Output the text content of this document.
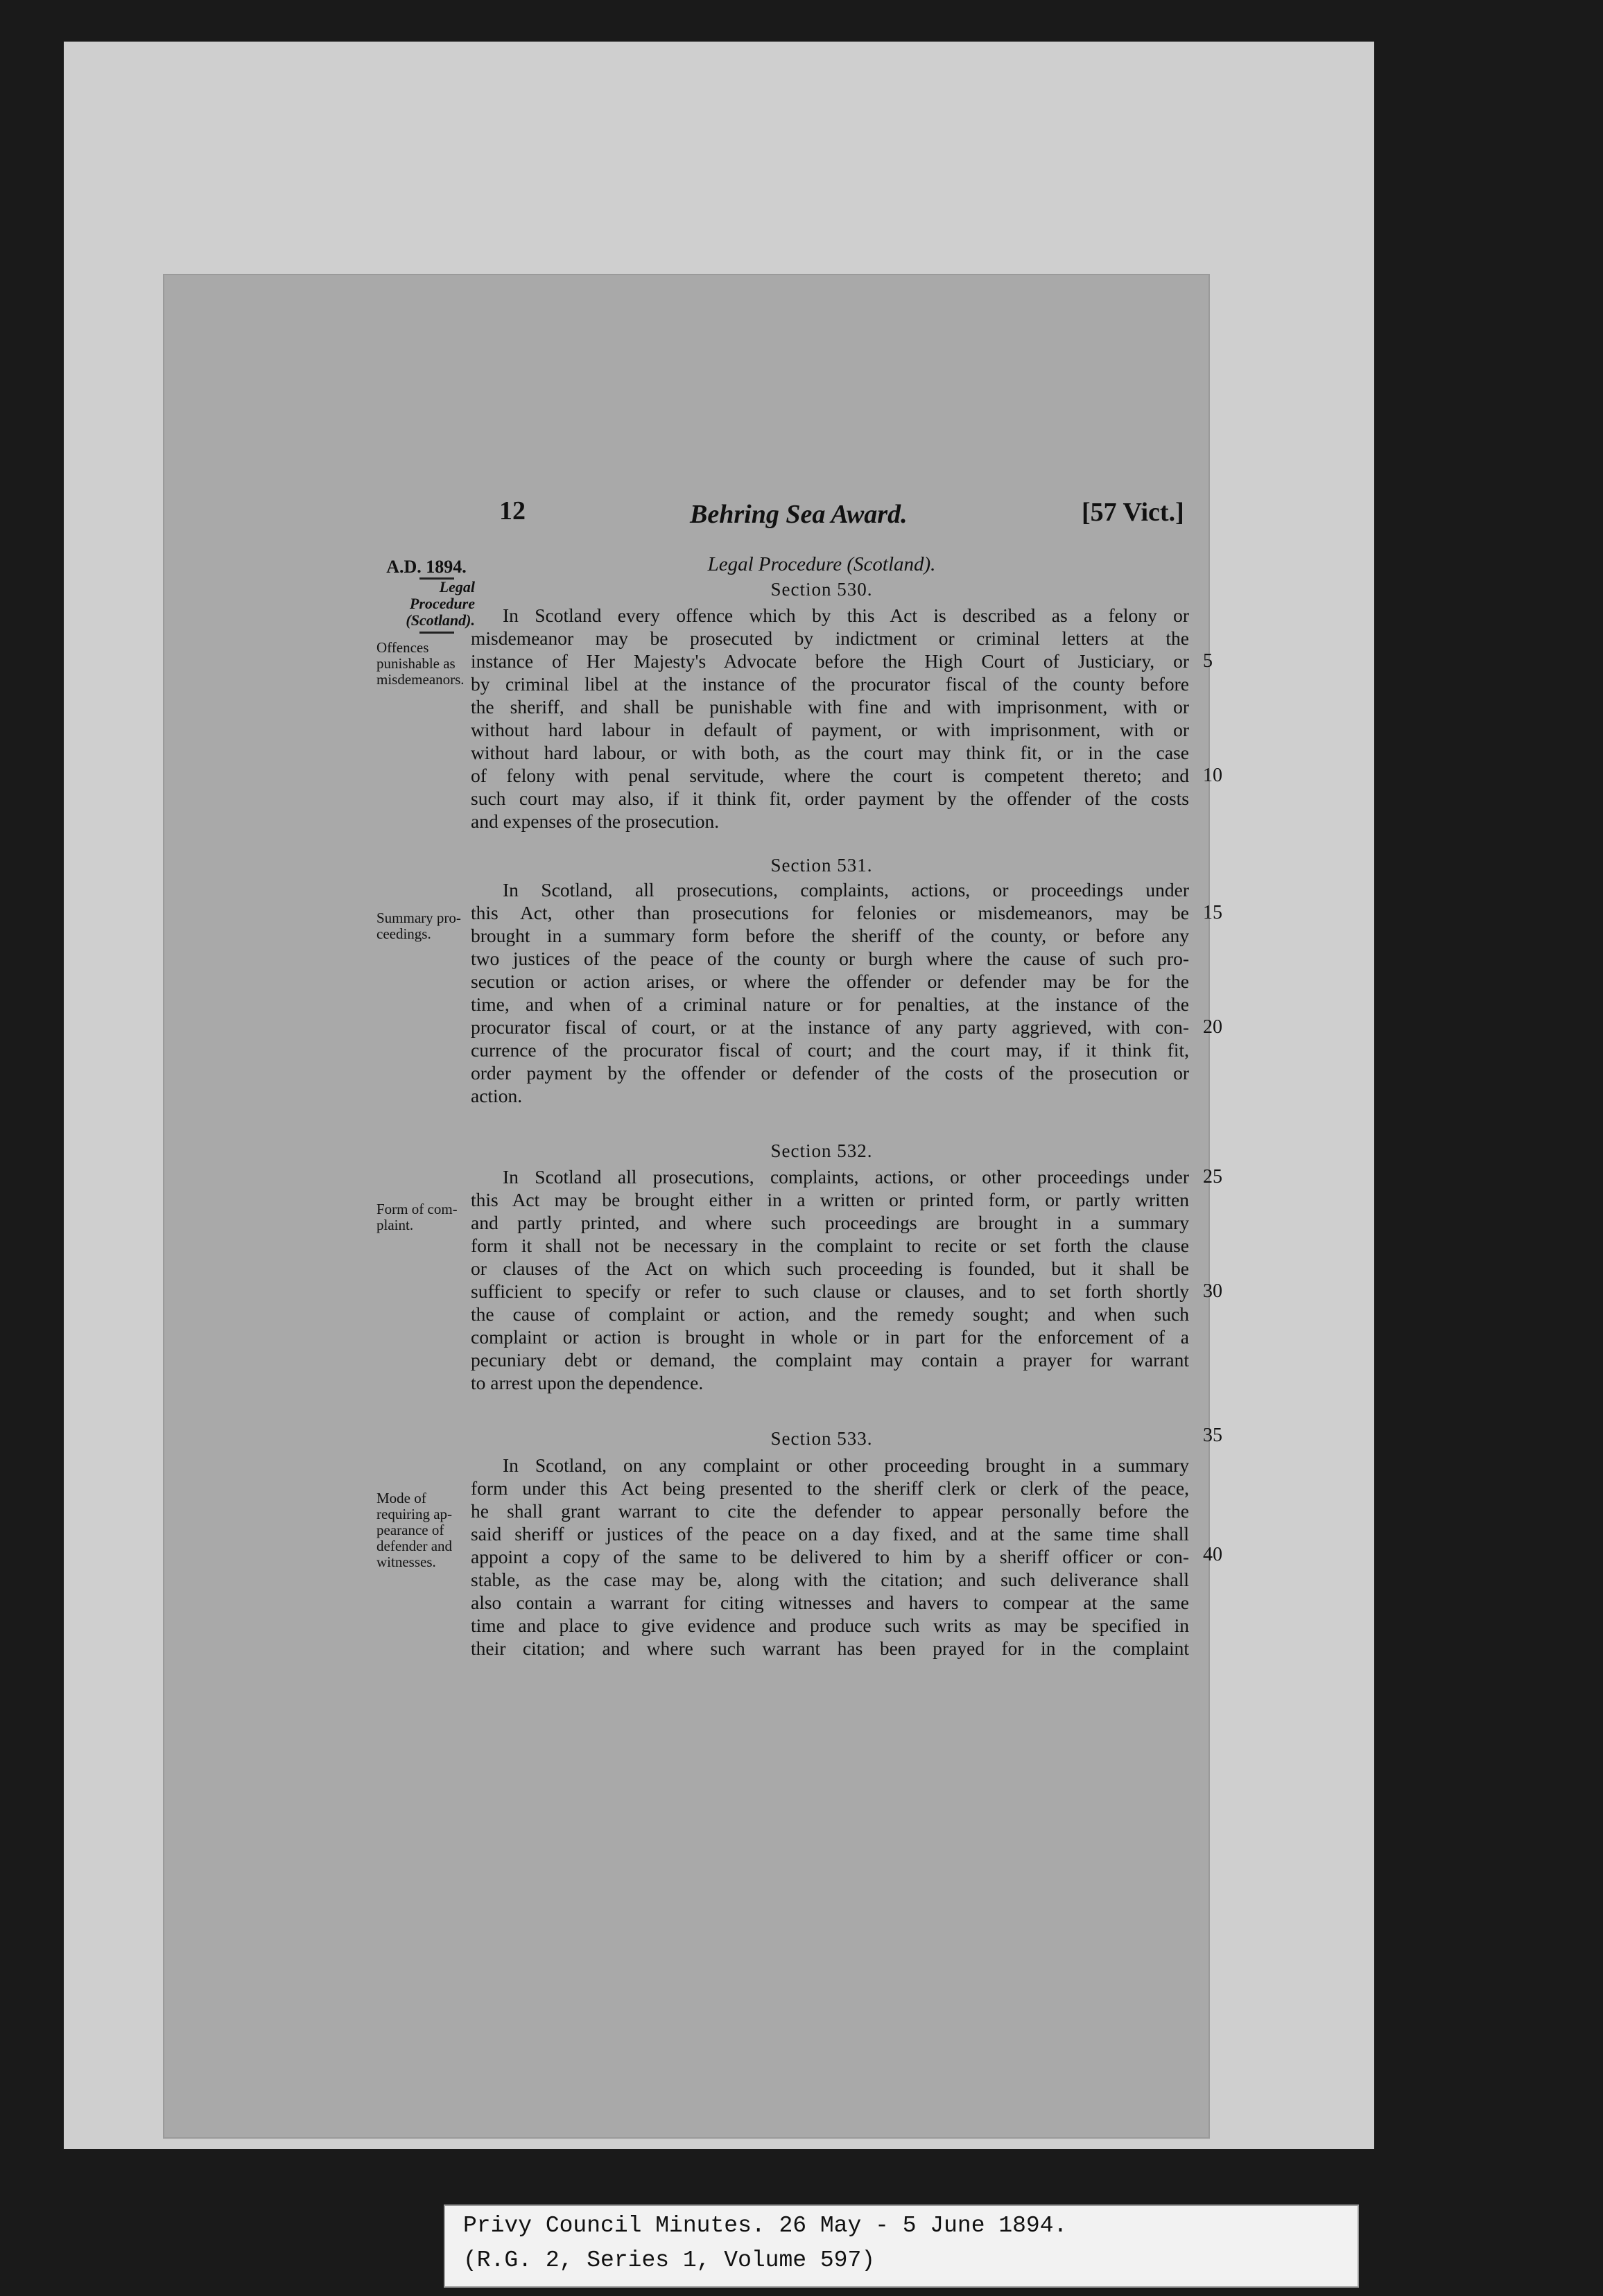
12	Behring Sea Award.	[57 Vict.]
A.D. 1894.
Legal
Procedure
(Scotland).
Offences
punishable as
misdemeanors.
Summary pro-
ceedings.
Form of com-
plaint.
Mode of
requiring ap-
pearance of
defender and
witnesses.
Legal Procedure (Scotland).
Section 530.
In Scotland every offence which by this Act is described as a felony or
misdemeanor may be prosecuted by indictment or criminal letters at the
instance of Her Majesty's Advocate before the High Court of Justiciary, or
by criminal libel at the instance of the procurator fiscal of the county before
the sheriff, and shall be punishable with fine and with imprisonment, with or
without hard labour in default of payment, or with imprisonment, with or
without hard labour, or with both, as the court may think fit, or in the case
of felony with penal servitude, where the court is competent thereto; and
such court may also, if it think fit, order payment by the offender of the costs
and expenses of the prosecution.
Section 531.
In Scotland, all prosecutions, complaints, actions, or proceedings under
this Act, other than prosecutions for felonies or misdemeanors, may be
brought in a summary form before the sheriff of the county, or before any
two justices of the peace of the county or burgh where the cause of such pro-
secution or action arises, or where the offender or defender may be for the
time, and when of a criminal nature or for penalties, at the instance of the
procurator fiscal of court, or at the instance of any party aggrieved, with con-
currence of the procurator fiscal of court; and the court may, if it think fit,
order payment by the offender or defender of the costs of the prosecution or
action.
Section 532.
In Scotland all prosecutions, complaints, actions, or other proceedings under
this Act may be brought either in a written or printed form, or partly written
and partly printed, and where such proceedings are brought in a summary
form it shall not be necessary in the complaint to recite or set forth the clause
or clauses of the Act on which such proceeding is founded, but it shall be
sufficient to specify or refer to such clause or clauses, and to set forth shortly
the cause of complaint or action, and the remedy sought; and when such
complaint or action is brought in whole or in part for the enforcement of a
pecuniary debt or demand, the complaint may contain a prayer for warrant
to arrest upon the dependence.
Section 533.
In Scotland, on any complaint or other proceeding brought in a summary
form under this Act being presented to the sheriff clerk or clerk of the peace,
he shall grant warrant to cite the defender to appear personally before the
said sheriff or justices of the peace on a day fixed, and at the same time shall
appoint a copy of the same to be delivered to him by a sheriff officer or con-
stable, as the case may be, along with the citation; and such deliverance shall
also contain a warrant for citing witnesses and havers to compear at the same
time and place to give evidence and produce such writs as may be specified in
their citation; and where such warrant has been prayed for in the complaint
5
10
15
20
25
30
35
40
Privy Council Minutes. 26 May - 5 June 1894.
(R.G. 2, Series 1, Volume 597)
